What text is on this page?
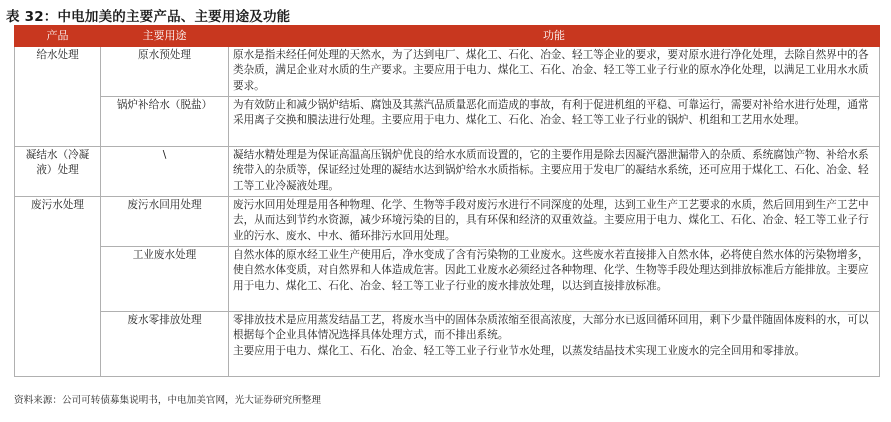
表 32：中电加美的主要产品、主要用途及功能
产品	主要用途	功能
给水处理	原水预处理	原水是指未经任何处理的天然水，为了达到电厂、煤化工、石化、冶金、轻工等企业的要求，要对原水进行净化处理，去除自然界中的各类杂质，满足企业对水质的生产要求。主要应用于电力、煤化工、石化、冶金、轻工等工业子行业的原水净化处理，以满足工业用水水质要求。
	锅炉补给水（脱盐）	为有效防止和减少锅炉结垢、腐蚀及其蒸汽品质量恶化而造成的事故，有利于促进机组的平稳、可靠运行，需要对补给水进行处理，通常采用离子交换和膜法进行处理。主要应用于电力、煤化工、石化、冶金、轻工等工业子行业的锅炉、机组和工艺用水处理。
凝结水（冷凝液）处理	\	凝结水精处理是为保证高温高压锅炉优良的给水水质而设置的，它的主要作用是除去因凝汽器泄漏带入的杂质、系统腐蚀产物、补给水系统带入的杂质等，保证经过处理的凝结水达到锅炉给水水质指标。主要应用于发电厂的凝结水系统，还可应用于煤化工、石化、冶金、轻工等工业冷凝液处理。
废污水处理	废污水回用处理	废污水回用处理是用各种物理、化学、生物等手段对废污水进行不同深度的处理，达到工业生产工艺要求的水质，然后回用到生产工艺中去，从而达到节约水资源，减少环境污染的目的，具有环保和经济的双重效益。主要应用于电力、煤化工、石化、冶金、轻工等工业子行业的污水、废水、中水、循环排污水回用处理。
	工业废水处理	自然水体的原水经工业生产使用后，净水变成了含有污染物的工业废水。这些废水若直接排入自然水体，必将使自然水体的污染物增多，使自然水体变质，对自然界和人体造成危害。因此工业废水必须经过各种物理、化学、生物等手段处理达到排放标准后方能排放。主要应用于电力、煤化工、石化、冶金、轻工等工业子行业的废水排放处理，以达到直接排放标准。
	废水零排放处理	零排放技术是应用蒸发结晶工艺，将废水当中的固体杂质浓缩至很高浓度，大部分水已返回循环回用，剩下少量伴随固体废料的水，可以根据每个企业具体情况选择具体处理方式，而不排出系统。
主要应用于电力、煤化工、石化、冶金、轻工等工业子行业节水处理，以蒸发结晶技术实现工业废水的完全回用和零排放。
资料来源：公司可转债募集说明书，中电加美官网，光大证券研究所整理
